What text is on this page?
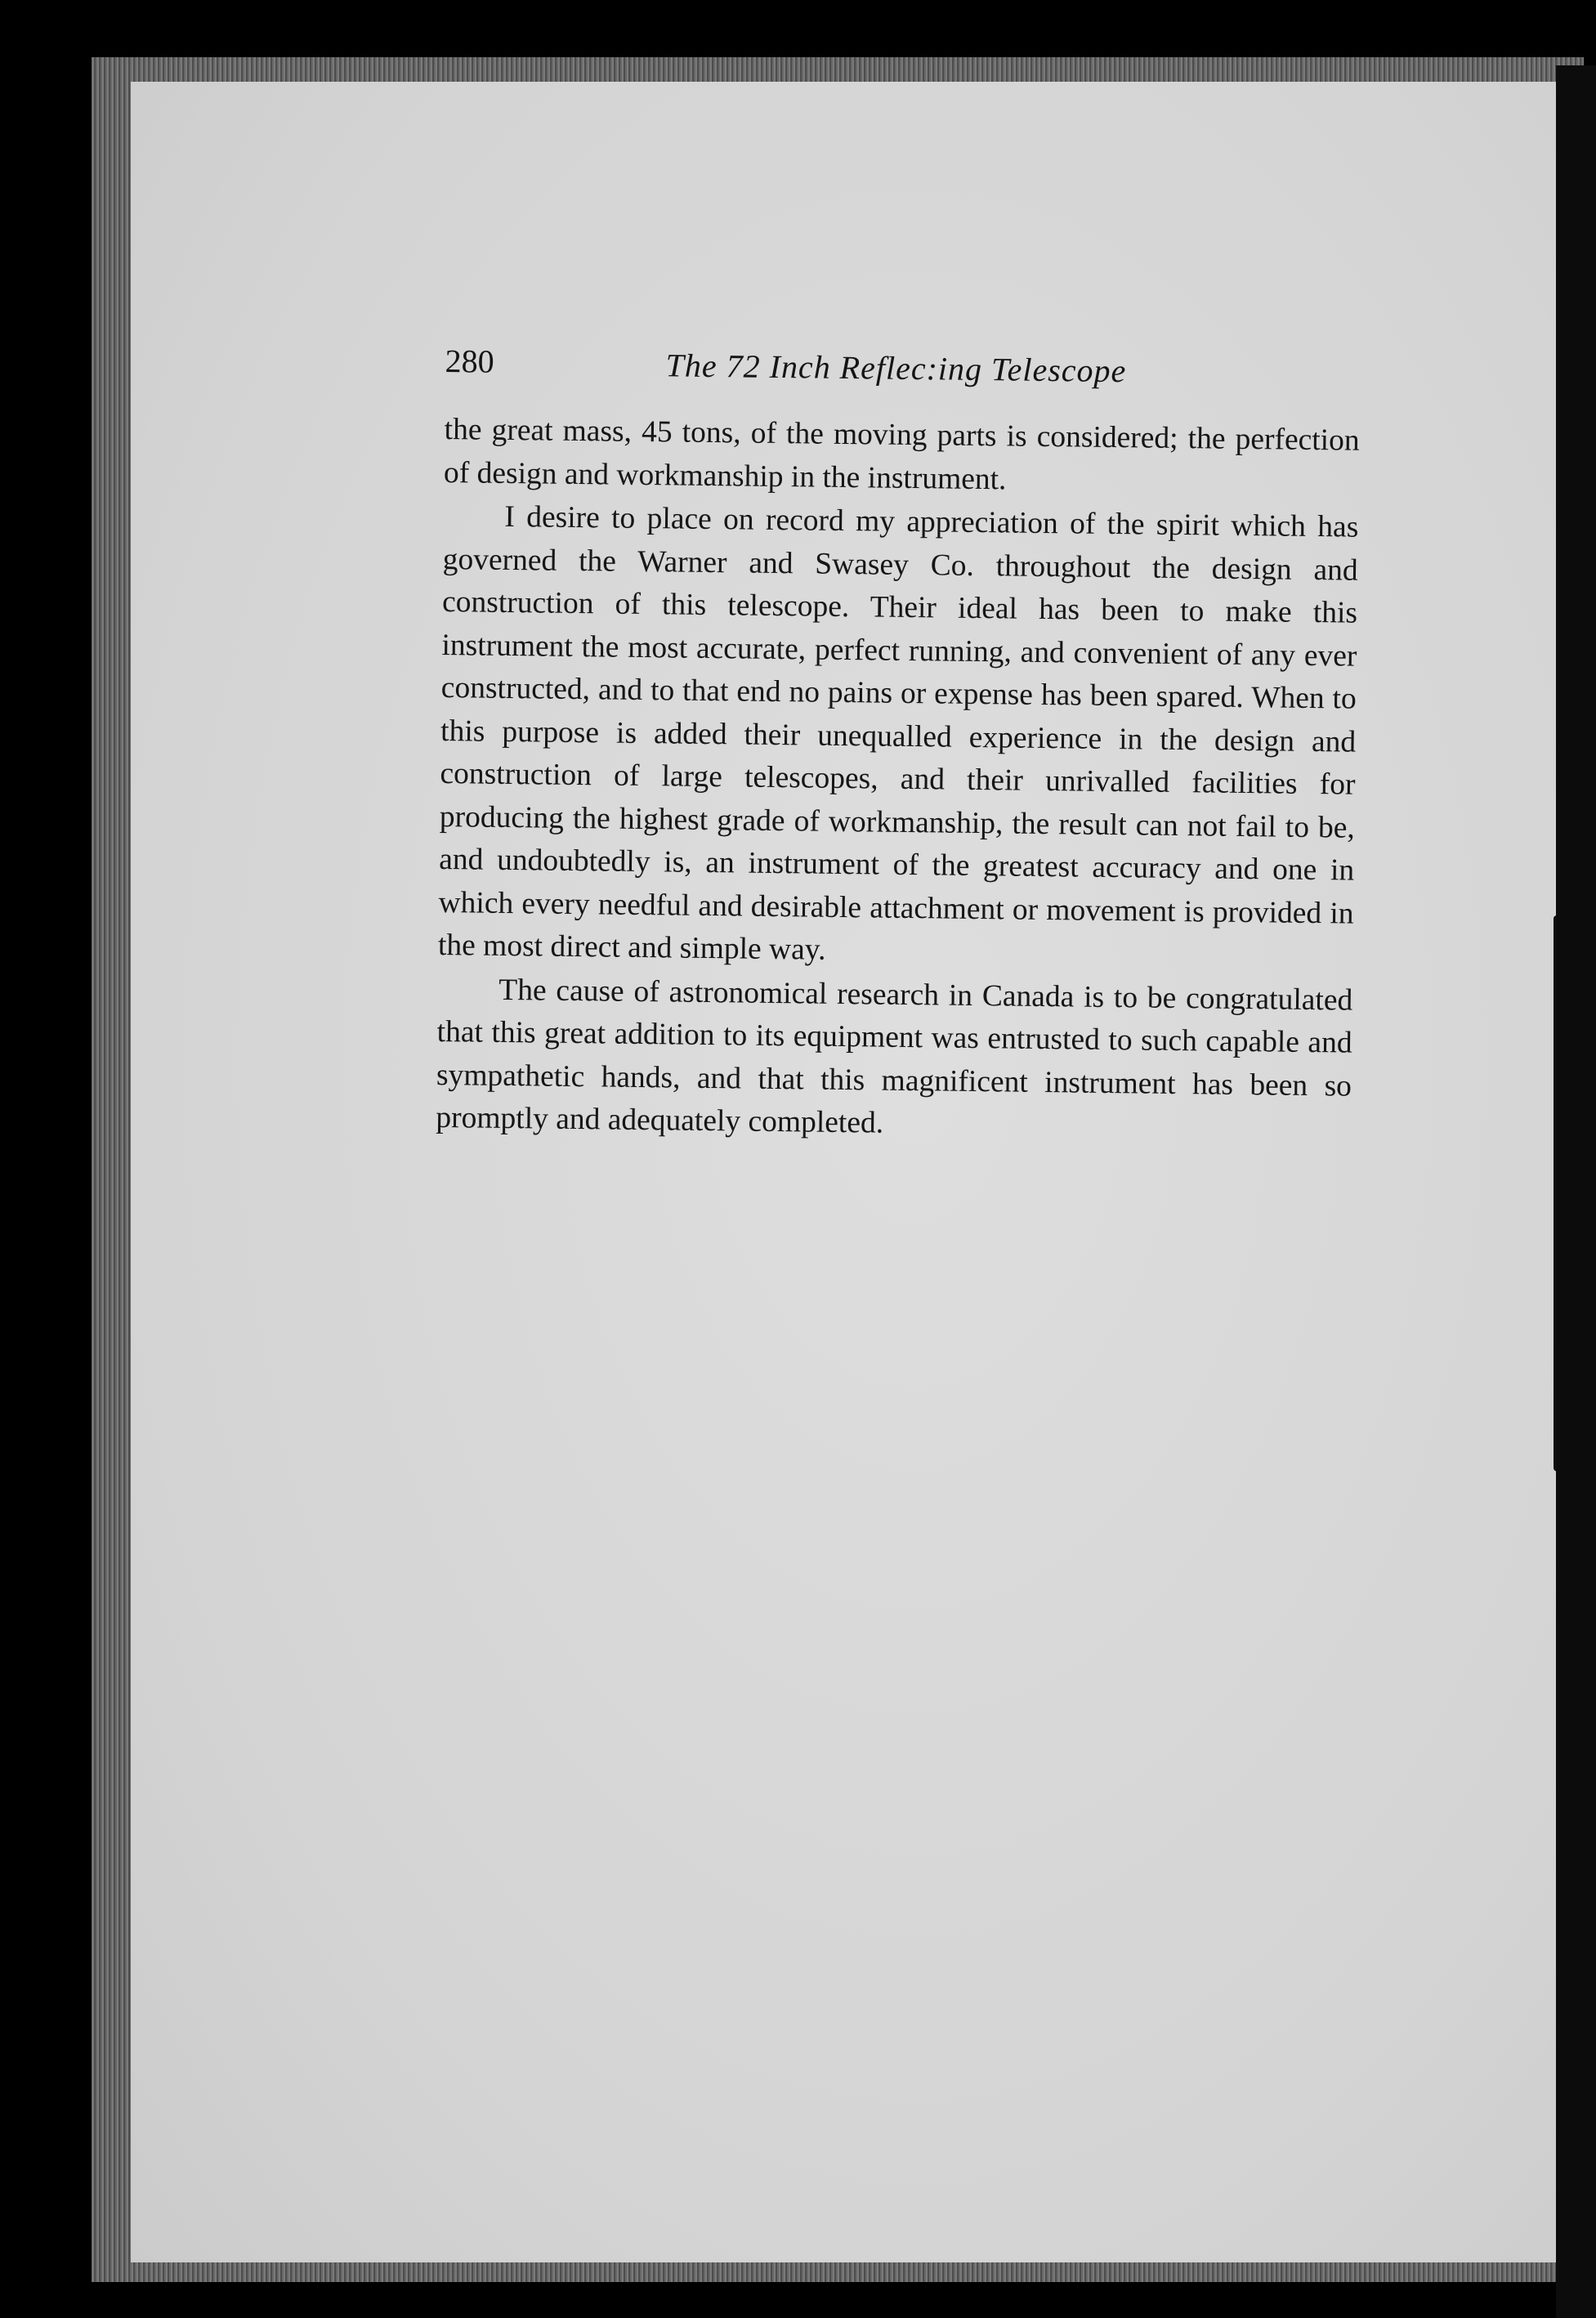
280	The 72 Inch Reflec:ing Telescope

the great mass, 45 tons, of the moving parts is considered; the perfection of design and workmanship in the instrument.

I desire to place on record my appreciation of the spirit which has governed the Warner and Swasey Co. throughout the design and construction of this telescope. Their ideal has been to make this instrument the most accurate, perfect running, and convenient of any ever constructed, and to that end no pains or expense has been spared. When to this purpose is added their unequalled experience in the design and construction of large telescopes, and their unrivalled facilities for producing the highest grade of workmanship, the result can not fail to be, and undoubtedly is, an instrument of the greatest accuracy and one in which every needful and desirable attachment or movement is provided in the most direct and simple way.

The cause of astronomical research in Canada is to be congratulated that this great addition to its equipment was entrusted to such capable and sympathetic hands, and that this magnificent instrument has been so promptly and adequately completed.
